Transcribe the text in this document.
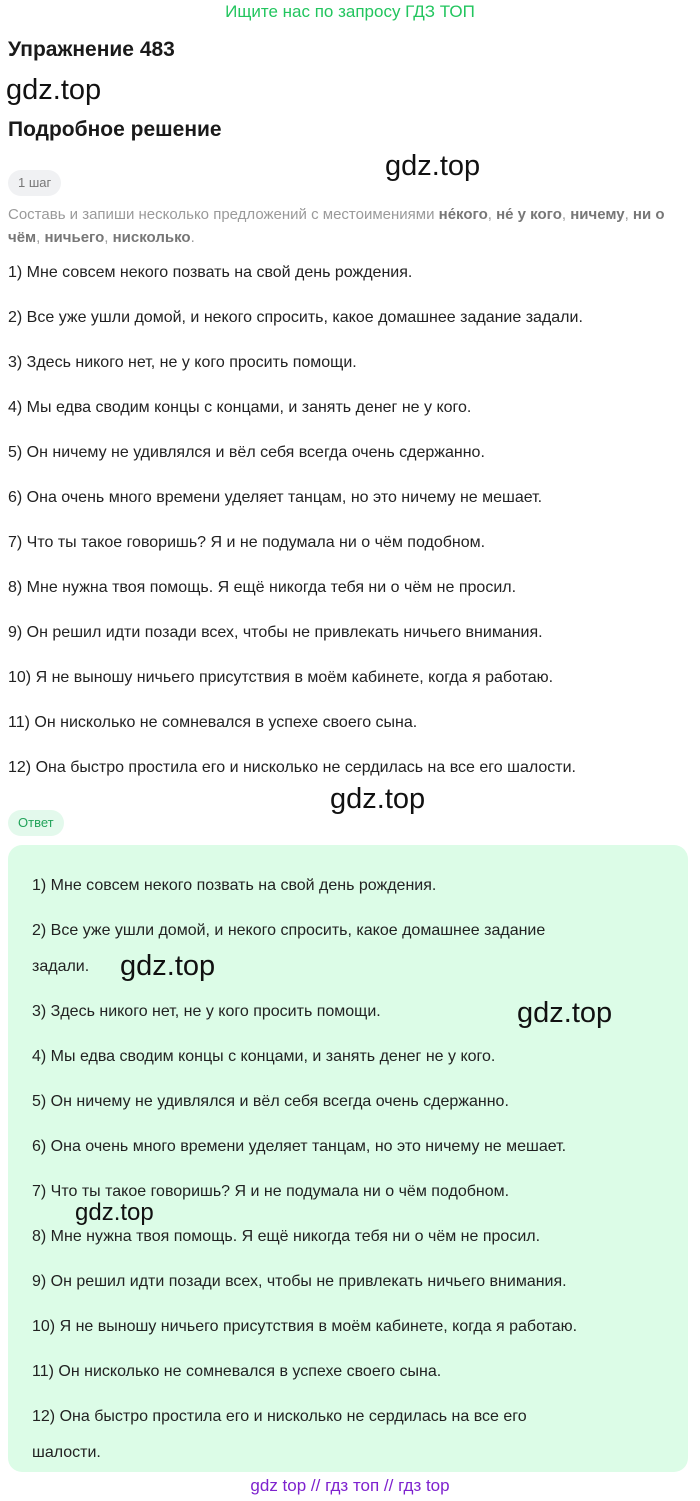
Ищите нас по запросу ГДЗ ТОП
Упражнение 483
gdz.top
Подробное решение
gdz.top
1 шаг
Составь и запиши несколько предложений с местоимениями не́кого, не́ у кого, ничему, ни о чём, ничьего, нисколько.
1) Мне совсем некого позвать на свой день рождения.
2) Все уже ушли домой, и некого спросить, какое домашнее задание задали.
3) Здесь никого нет, не у кого просить помощи.
4) Мы едва сводим концы с концами, и занять денег не у кого.
5) Он ничему не удивлялся и вёл себя всегда очень сдержанно.
6) Она очень много времени уделяет танцам, но это ничему не мешает.
7) Что ты такое говоришь? Я и не подумала ни о чём подобном.
8) Мне нужна твоя помощь. Я ещё никогда тебя ни о чём не просил.
9) Он решил идти позади всех, чтобы не привлекать ничьего внимания.
10) Я не выношу ничьего присутствия в моём кабинете, когда я работаю.
11) Он нисколько не сомневался в успехе своего сына.
12) Она быстро простила его и нисколько не сердилась на все его шалости.
gdz.top
Ответ
1) Мне совсем некого позвать на свой день рождения.
2) Все уже ушли домой, и некого спросить, какое домашнее задание
задали. gdz.top
3) Здесь никого нет, не у кого просить помощи.	gdz.top
4) Мы едва сводим концы с концами, и занять денег не у кого.
5) Он ничему не удивлялся и вёл себя всегда очень сдержанно.
6) Она очень много времени уделяет танцам, но это ничему не мешает.
7) Что ты такое говоришь? Я и не подумала ни о чём подобном.
gdz.top
8) Мне нужна твоя помощь. Я ещё никогда тебя ни о чём не просил.
9) Он решил идти позади всех, чтобы не привлекать ничьего внимания.
10) Я не выношу ничьего присутствия в моём кабинете, когда я работаю.
11) Он нисколько не сомневался в успехе своего сына.
12) Она быстро простила его и нисколько не сердилась на все его
шалости.
gdz top // гдз топ // гдз top
